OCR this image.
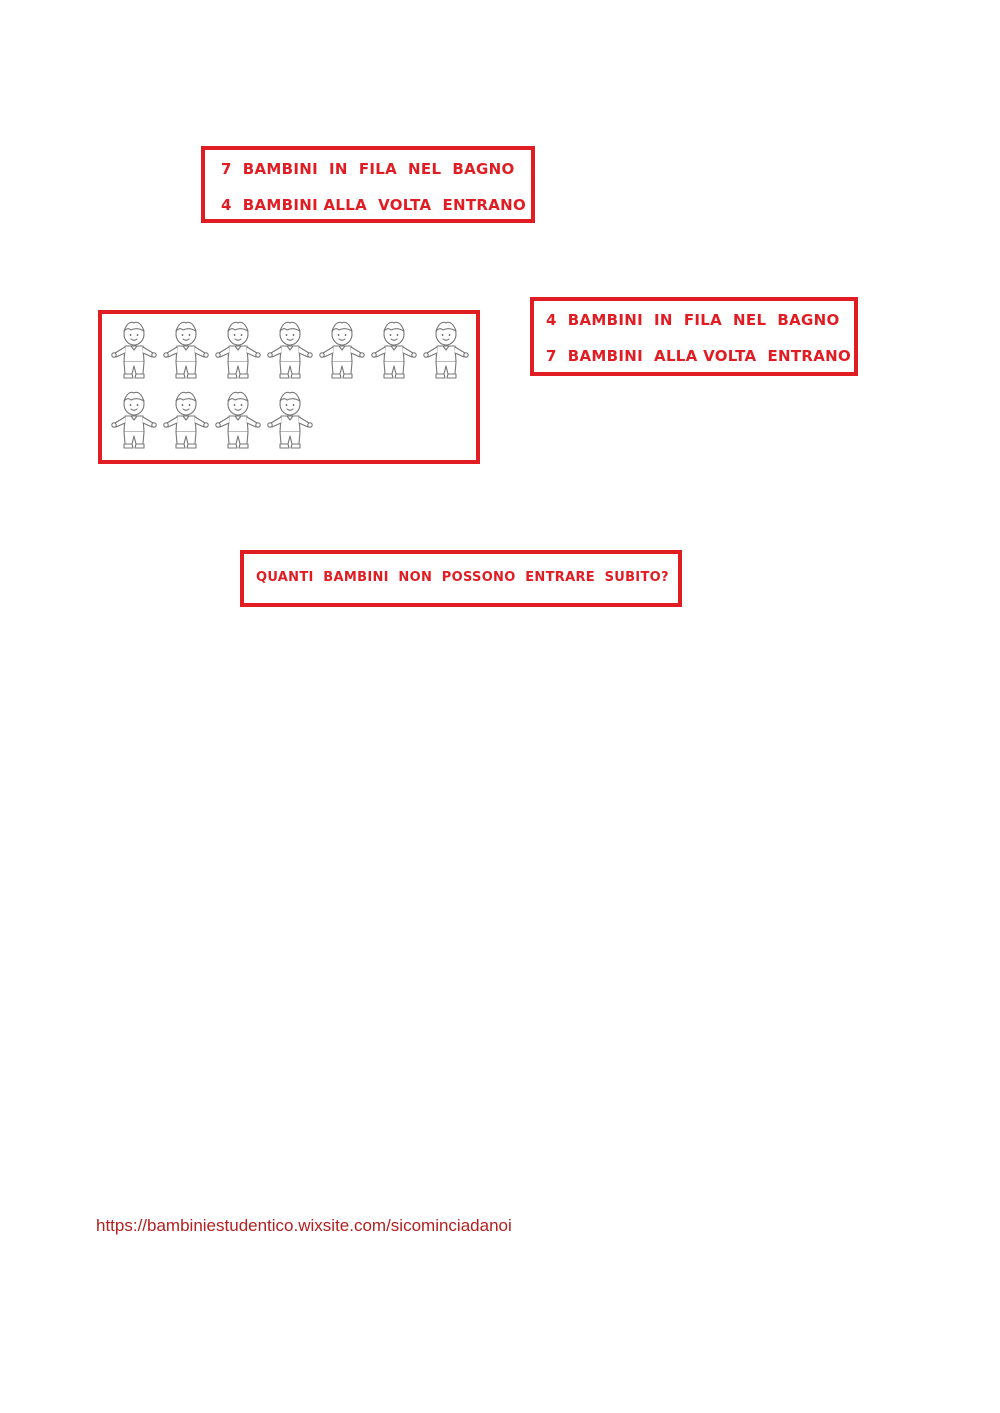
7  BAMBINI  IN  FILA  NEL  BAGNO
4  BAMBINI ALLA  VOLTA  ENTRANO
4  BAMBINI  IN  FILA  NEL  BAGNO
7  BAMBINI  ALLA VOLTA  ENTRANO
QUANTI  BAMBINI  NON  POSSONO  ENTRARE  SUBITO?
https://bambiniestudentico.wixsite.com/sicominciadanoi
